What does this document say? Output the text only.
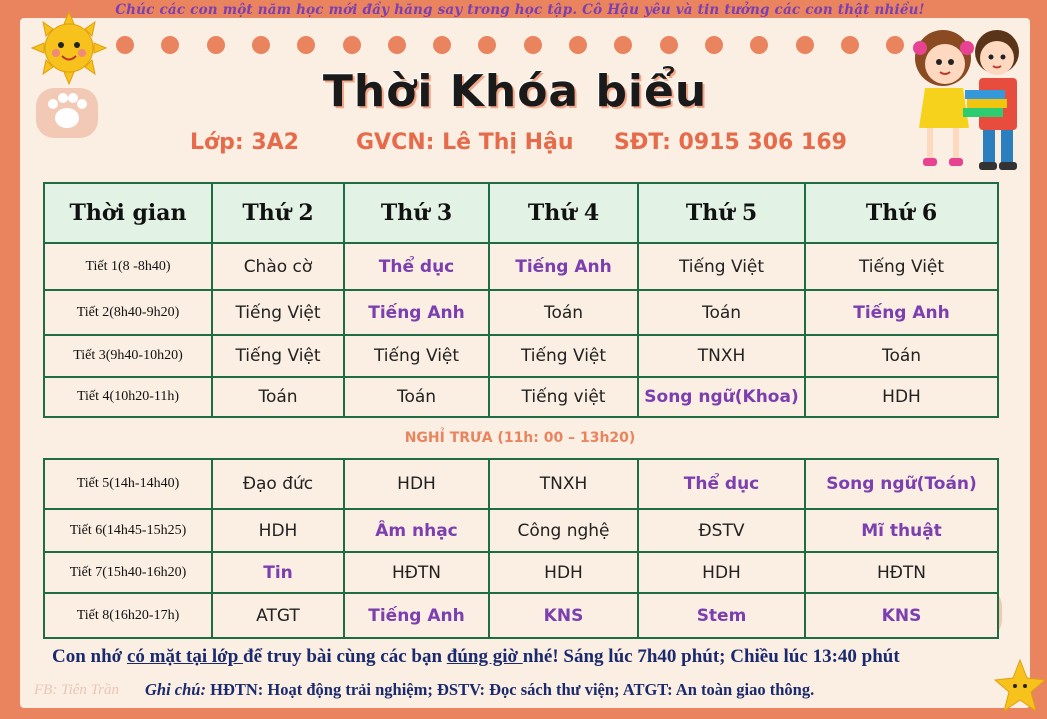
Chúc các con một năm học mới đầy hăng say trong học tập. Cô Hậu yêu và tin tưởng các con thật nhiều!
Thời Khóa biểu
Lớp: 3A2	GVCN: Lê Thị Hậu SĐT: 0915 306 169
Thời gian	Thứ 2	Thứ 3	Thứ 4	Thứ 5	Thứ 6
Tiết 1(8 -8h40)	Chào cờ	Thể dục	Tiếng Anh	Tiếng Việt	Tiếng Việt
Tiết 2(8h40-9h20)	Tiếng Việt	Tiếng Anh	Toán	Toán	Tiếng Anh
Tiết 3(9h40-10h20)	Tiếng Việt	Tiếng Việt	Tiếng Việt	TNXH	Toán
Tiết 4(10h20-11h)	Toán	Toán	Tiếng việt	Song ngữ(Khoa)	HDH
NGHỈ TRƯA (11h: 00 – 13h20)
Tiết 5(14h-14h40)	Đạo đức	HDH	TNXH	Thể dục	Song ngữ(Toán)
Tiết 6(14h45-15h25)	HDH	Âm nhạc	Công nghệ	ĐSTV	Mĩ thuật
Tiết 7(15h40-16h20)	Tin	HĐTN	HDH	HDH	HĐTN
Tiết 8(16h20-17h)	ATGT	Tiếng Anh	KNS	Stem	KNS
Con nhớ có mặt tại lớp để truy bài cùng các bạn đúng giờ nhé! Sáng lúc 7h40 phút; Chiều lúc 13:40 phút
FB: Tiên Trần Ghi chú: HĐTN: Hoạt động trải nghiệm; ĐSTV: Đọc sách thư viện; ATGT: An toàn giao thông.
